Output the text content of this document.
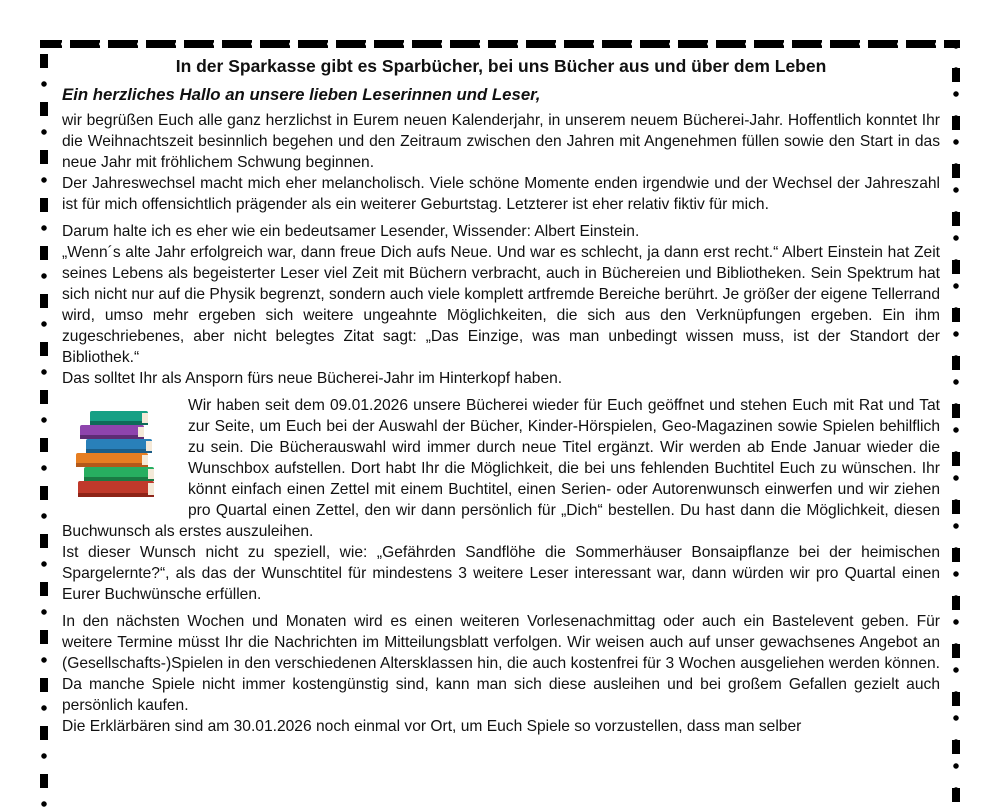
In der Sparkasse gibt es Sparbücher, bei uns Bücher aus und über dem Leben
Ein herzliches Hallo an unsere lieben Leserinnen und Leser,

wir begrüßen Euch alle ganz herzlichst in Eurem neuen Kalenderjahr, in unserem neuem Bücherei-Jahr. Hoffentlich konntet Ihr die Weihnachtszeit besinnlich begehen und den Zeitraum zwischen den Jahren mit Angenehmen füllen sowie den Start in das neue Jahr mit fröhlichem Schwung beginnen.

Der Jahreswechsel macht mich eher melancholisch. Viele schöne Momente enden irgendwie und der Wechsel der Jahreszahl ist für mich offensichtlich prägender als ein weiterer Geburtstag. Letzterer ist eher relativ fiktiv für mich.

Darum halte ich es eher wie ein bedeutsamer Lesender, Wissender: Albert Einstein.

„Wenn´s alte Jahr erfolgreich war, dann freue Dich aufs Neue. Und war es schlecht, ja dann erst recht.“ Albert Einstein hat Zeit seines Lebens als begeisterter Leser viel Zeit mit Büchern verbracht, auch in Büchereien und Bibliotheken. Sein Spektrum hat sich nicht nur auf die Physik begrenzt, sondern auch viele komplett artfremde Bereiche berührt. Je größer der eigene Tellerrand wird, umso mehr ergeben sich weitere ungeahnte Möglichkeiten, die sich aus den Verknüpfungen ergeben. Ein ihm zugeschriebenes, aber nicht belegtes Zitat sagt: „Das Einzige, was man unbedingt wissen muss, ist der Standort der Bibliothek.“

Das solltet Ihr als Ansporn fürs neue Bücherei-Jahr im Hinterkopf haben.

Wir haben seit dem 09.01.2026 unsere Bücherei wieder für Euch geöffnet und stehen Euch mit Rat und Tat zur Seite, um Euch bei der Auswahl der Bücher, Kinder-Hörspielen, Geo-Magazinen sowie Spielen behilflich zu sein. Die Bücherauswahl wird immer durch neue Titel ergänzt. Wir werden ab Ende Januar wieder die Wunschbox aufstellen. Dort habt Ihr die Möglichkeit, die bei uns fehlenden Buchtitel Euch zu wünschen. Ihr könnt einfach einen Zettel mit einem Buchtitel, einen Serien- oder Autorenwunsch einwerfen und wir ziehen pro Quartal einen Zettel, den wir dann persönlich für „Dich“ bestellen. Du hast dann die Möglichkeit, diesen Buchwunsch als erstes auszuleihen.

Ist dieser Wunsch nicht zu speziell, wie: „Gefährden Sandflöhe die Sommerhäuser Bonsaipflanze bei der heimischen Spargelernte?“, als das der Wunschtitel für mindestens 3 weitere Leser interessant war, dann würden wir pro Quartal einen Eurer Buchwünsche erfüllen.

In den nächsten Wochen und Monaten wird es einen weiteren Vorlesenachmittag oder auch ein Bastelevent geben. Für weitere Termine müsst Ihr die Nachrichten im Mitteilungsblatt verfolgen. Wir weisen auch auf unser gewachsenes Angebot an (Gesellschafts-)Spielen in den verschiedenen Altersklassen hin, die auch kostenfrei für 3 Wochen ausgeliehen werden können. Da manche Spiele nicht immer kostengünstig sind, kann man sich diese ausleihen und bei großem Gefallen gezielt auch persönlich kaufen.

Die Erklärbären sind am 30.01.2026 noch einmal vor Ort, um Euch Spiele so vorzustellen, dass man selber
